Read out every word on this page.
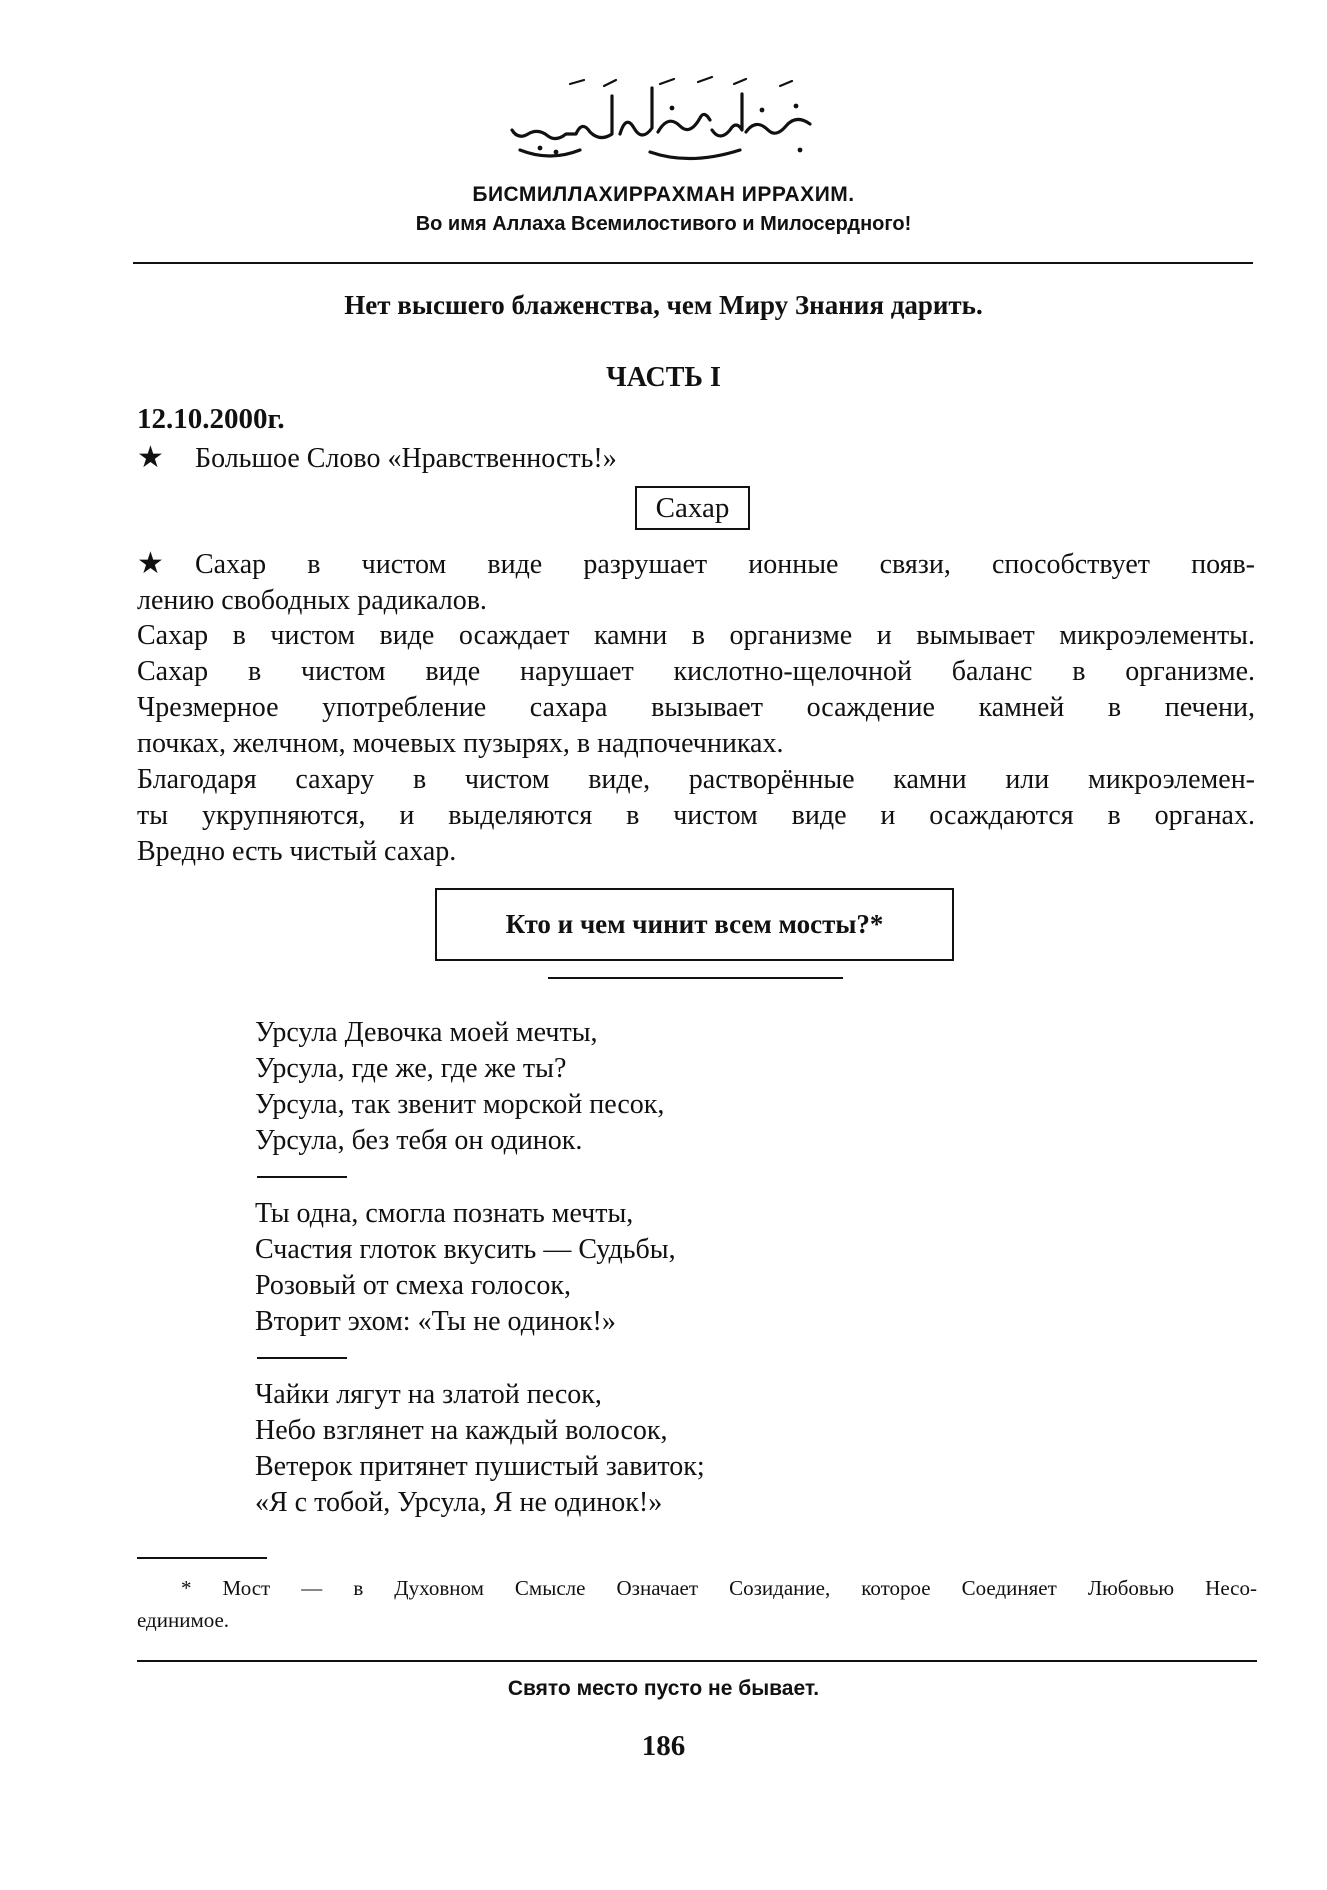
БИСМИЛЛАХИРРАХМАН ИРРАХИМ.
Во имя Аллаха Всемилостивого и Милосердного!
Нет высшего блаженства, чем Миру Знания дарить.
ЧАСТЬ I
12.10.2000г.
★ Большое Слово «Нравственность!»
Сахар

★ Сахар в чистом виде разрушает ионные связи, способствует появ-

лению свободных радикалов.

Сахар в чистом виде осаждает камни в организме и вымывает микроэлементы.

Сахар в чистом виде нарушает кислотно-щелочной баланс в организме.

Чрезмерное употребление сахара вызывает осаждение камней в печени,

почках, желчном, мочевых пузырях, в надпочечниках.

Благодаря сахару в чистом виде, растворённые камни или микроэлемен-

ты укрупняются, и выделяются в чистом виде и осаждаются в органах.

Вредно есть чистый сахар.

Кто и чем чинит всем мосты?*
Урсула Девочка моей мечты,
Урсула, где же, где же ты?
Урсула, так звенит морской песок,
Урсула, без тебя он одинок.
Ты одна, смогла познать мечты,
Счастия глоток вкусить — Судьбы,
Розовый от смеха голосок,
Вторит эхом: «Ты не одинок!»
Чайки лягут на златой песок,
Небо взглянет на каждый волосок,
Ветерок притянет пушистый завиток;
«Я с тобой, Урсула, Я не одинок!»

* Мост — в Духовном Смысле Означает Созидание, которое Соединяет Любовью Несо-

единимое.

Свято место пусто не бывает.
186
